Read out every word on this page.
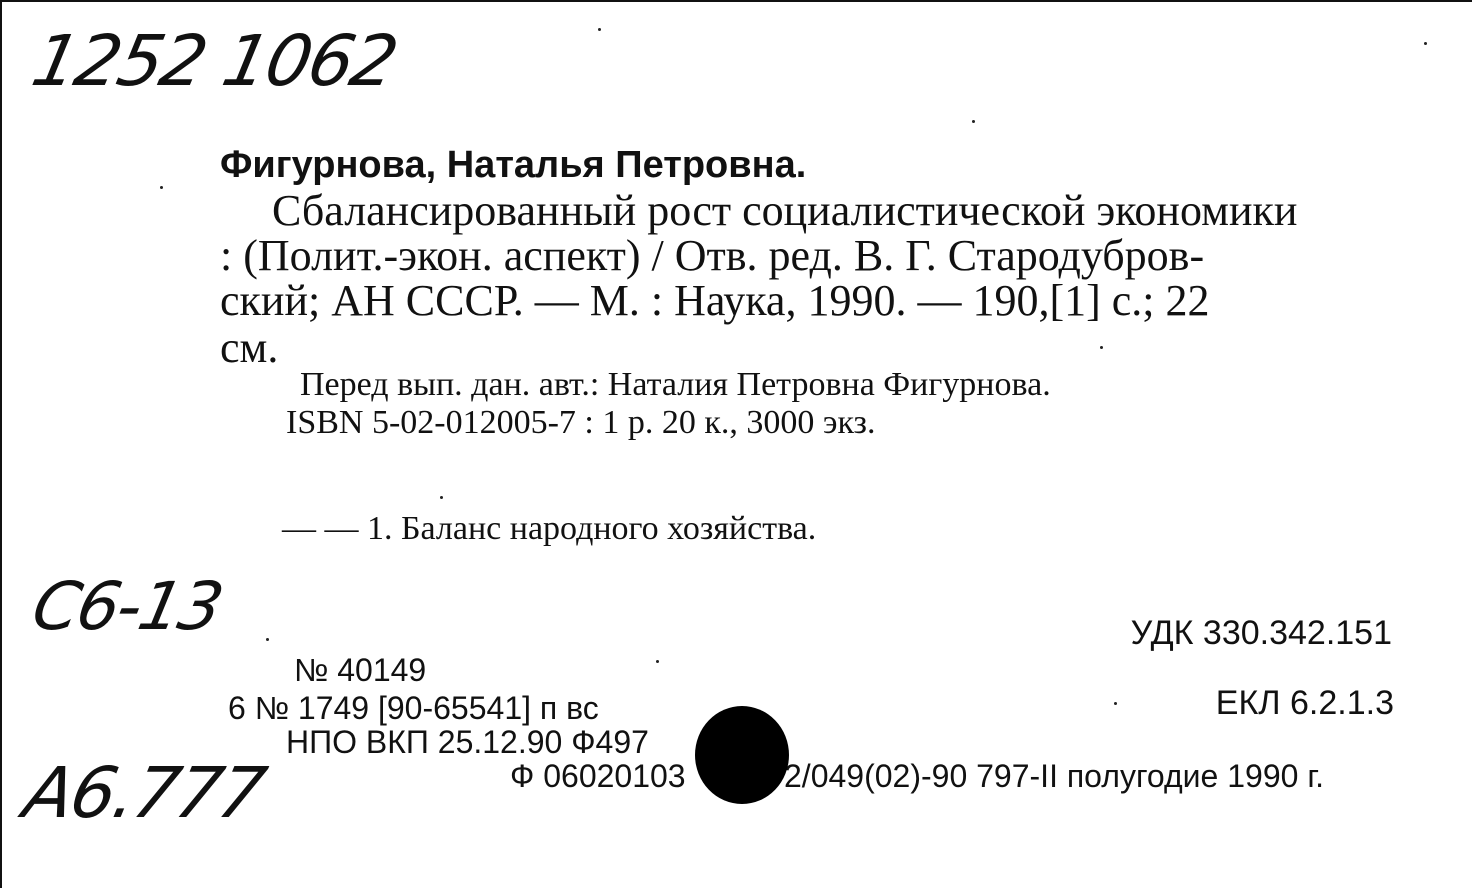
1252 1062
С6-13
А6.777
Фигурнова, Наталья Петровна.
Сбалансированный рост социалистической экономики
: (Полит.-экон. аспект) / Отв. ред. В. Г. Стародубров-
ский; АН СССР. — М. : Наука, 1990. — 190,[1] с.; 22
см.
Перед вып. дан. авт.: Наталия Петровна Фигурнова.
ISBN 5-02-012005-7 : 1 р. 20 к., 3000 экз.
— — 1. Баланс народного хозяйства.
УДК 330.342.151
ЕКЛ 6.2.1.3
№ 40149
6 № 1749 [90-65541] п вс
НПО ВКП 25.12.90 Ф497
Ф 06020103	2/049(02)-90 797-II полугодие 1990 г.
